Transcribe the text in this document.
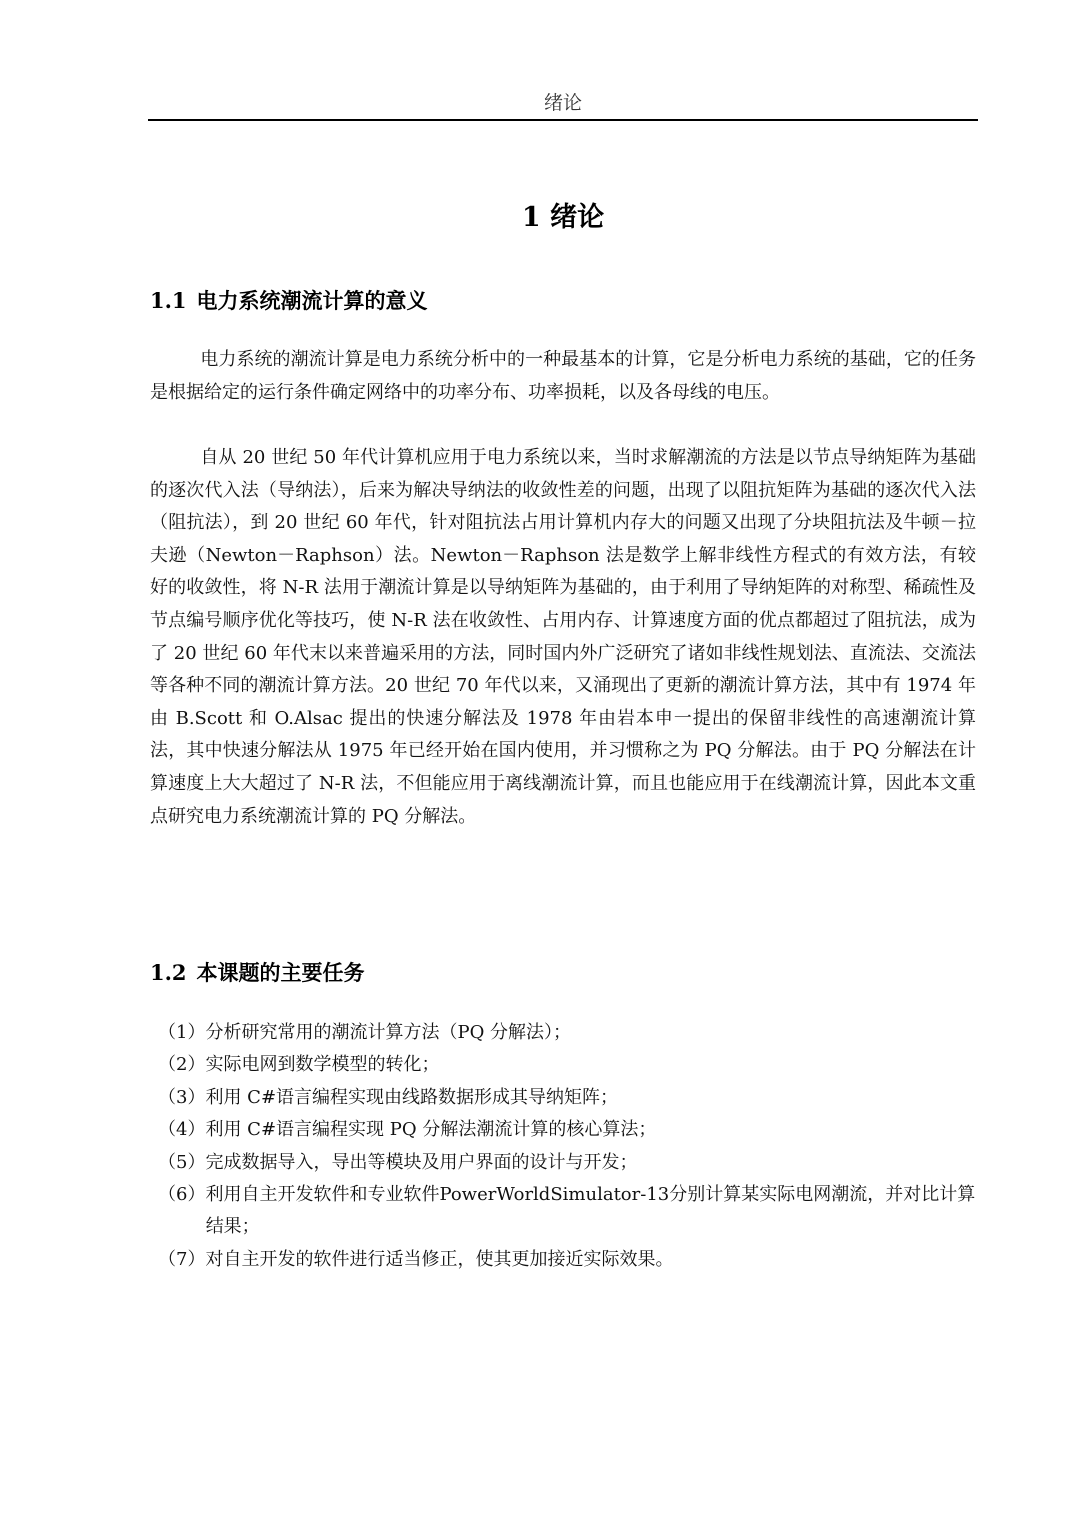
绪论
1 绪论
1.1 电力系统潮流计算的意义

电力系统的潮流计算是电力系统分析中的一种最基本的计算，它是分析电力系统的基础，它的任务是根据给定的运行条件确定网络中的功率分布、功率损耗，以及各母线的电压。

自从 20 世纪 50 年代计算机应用于电力系统以来，当时求解潮流的方法是以节点导纳矩阵为基础的逐次代入法（导纳法），后来为解决导纳法的收敛性差的问题，出现了以阻抗矩阵为基础的逐次代入法（阻抗法），到 20 世纪 60 年代，针对阻抗法占用计算机内存大的问题又出现了分块阻抗法及牛顿－拉夫逊（Newton－Raphson）法。Newton－Raphson 法是数学上解非线性方程式的有效方法，有较好的收敛性，将 N-R 法用于潮流计算是以导纳矩阵为基础的，由于利用了导纳矩阵的对称型、稀疏性及节点编号顺序优化等技巧，使 N-R 法在收敛性、占用内存、计算速度方面的优点都超过了阻抗法，成为了 20 世纪 60 年代末以来普遍采用的方法，同时国内外广泛研究了诸如非线性规划法、直流法、交流法等各种不同的潮流计算方法。20 世纪 70 年代以来，又涌现出了更新的潮流计算方法，其中有 1974 年由 B.Scott 和 O.Alsac 提出的快速分解法及 1978 年由岩本申一提出的保留非线性的高速潮流计算法，其中快速分解法从 1975 年已经开始在国内使用，并习惯称之为 PQ 分解法。由于 PQ 分解法在计算速度上大大超过了 N-R 法，不但能应用于离线潮流计算，而且也能应用于在线潮流计算，因此本文重点研究电力系统潮流计算的 PQ 分解法。

1.2 本课题的主要任务
（1）分析研究常用的潮流计算方法（PQ 分解法）；
（2）实际电网到数学模型的转化；
（3）利用 C#语言编程实现由线路数据形成其导纳矩阵；
（4）利用 C#语言编程实现 PQ 分解法潮流计算的核心算法；
（5）完成数据导入，导出等模块及用户界面的设计与开发；
（6）利用自主开发软件和专业软件PowerWorldSimulator-13分别计算某实际电网潮流，并对比计算结果；
（7）对自主开发的软件进行适当修正，使其更加接近实际效果。
